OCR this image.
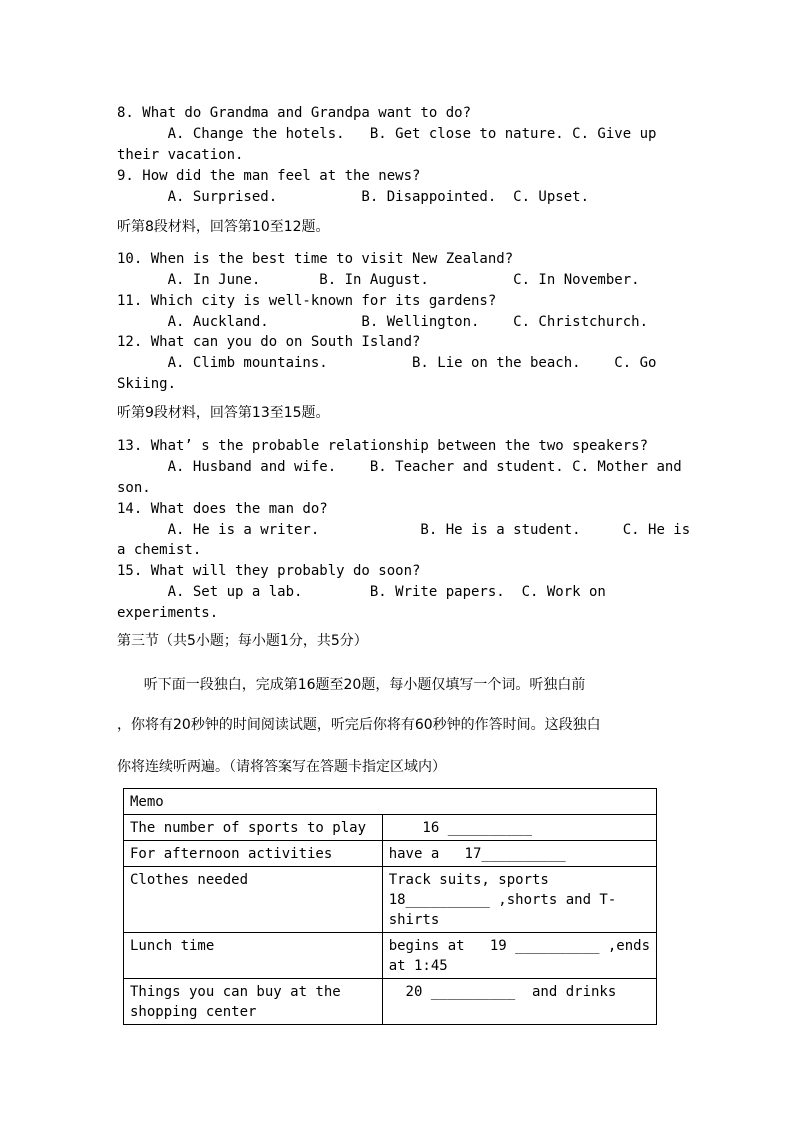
8. What do Grandma and Grandpa want to do?
A. Change the hotels.   B. Get close to nature. C. Give up
their vacation.
9. How did the man feel at the news?
A. Surprised.          B. Disappointed.  C. Upset.
听第8段材料，回答第10至12题。
10. When is the best time to visit New Zealand?
A. In June.       B. In August.          C. In November.
11. Which city is well-known for its gardens?
A. Auckland.           B. Wellington.    C. Christchurch.
12. What can you do on South Island?
A. Climb mountains.          B. Lie on the beach.    C. Go
Skiing.
听第9段材料，回答第13至15题。
13. What’ s the probable relationship between the two speakers?
A. Husband and wife.    B. Teacher and student. C. Mother and
son.
14. What does the man do?
A. He is a writer.            B. He is a student.     C. He is
a chemist.
15. What will they probably do soon?
A. Set up a lab.        B. Write papers.  C. Work on
experiments.
第三节（共5小题；每小题1分，共5分）
听下面一段独白，完成第16题至20题，每小题仅填写一个词。听独白前
，你将有20秒钟的时间阅读试题，听完后你将有60秒钟的作答时间。这段独白
你将连续听两遍。（请将答案写在答题卡指定区域内）
Memo	
The number of sports to play	16 __________
For afternoon activities	have a   17__________
Clothes needed	Track suits, sports
18__________ ,shorts and T-
shirts
Lunch time	begins at   19 __________ ,ends
at 1:45
Things you can buy at the
shopping center	20 __________  and drinks
